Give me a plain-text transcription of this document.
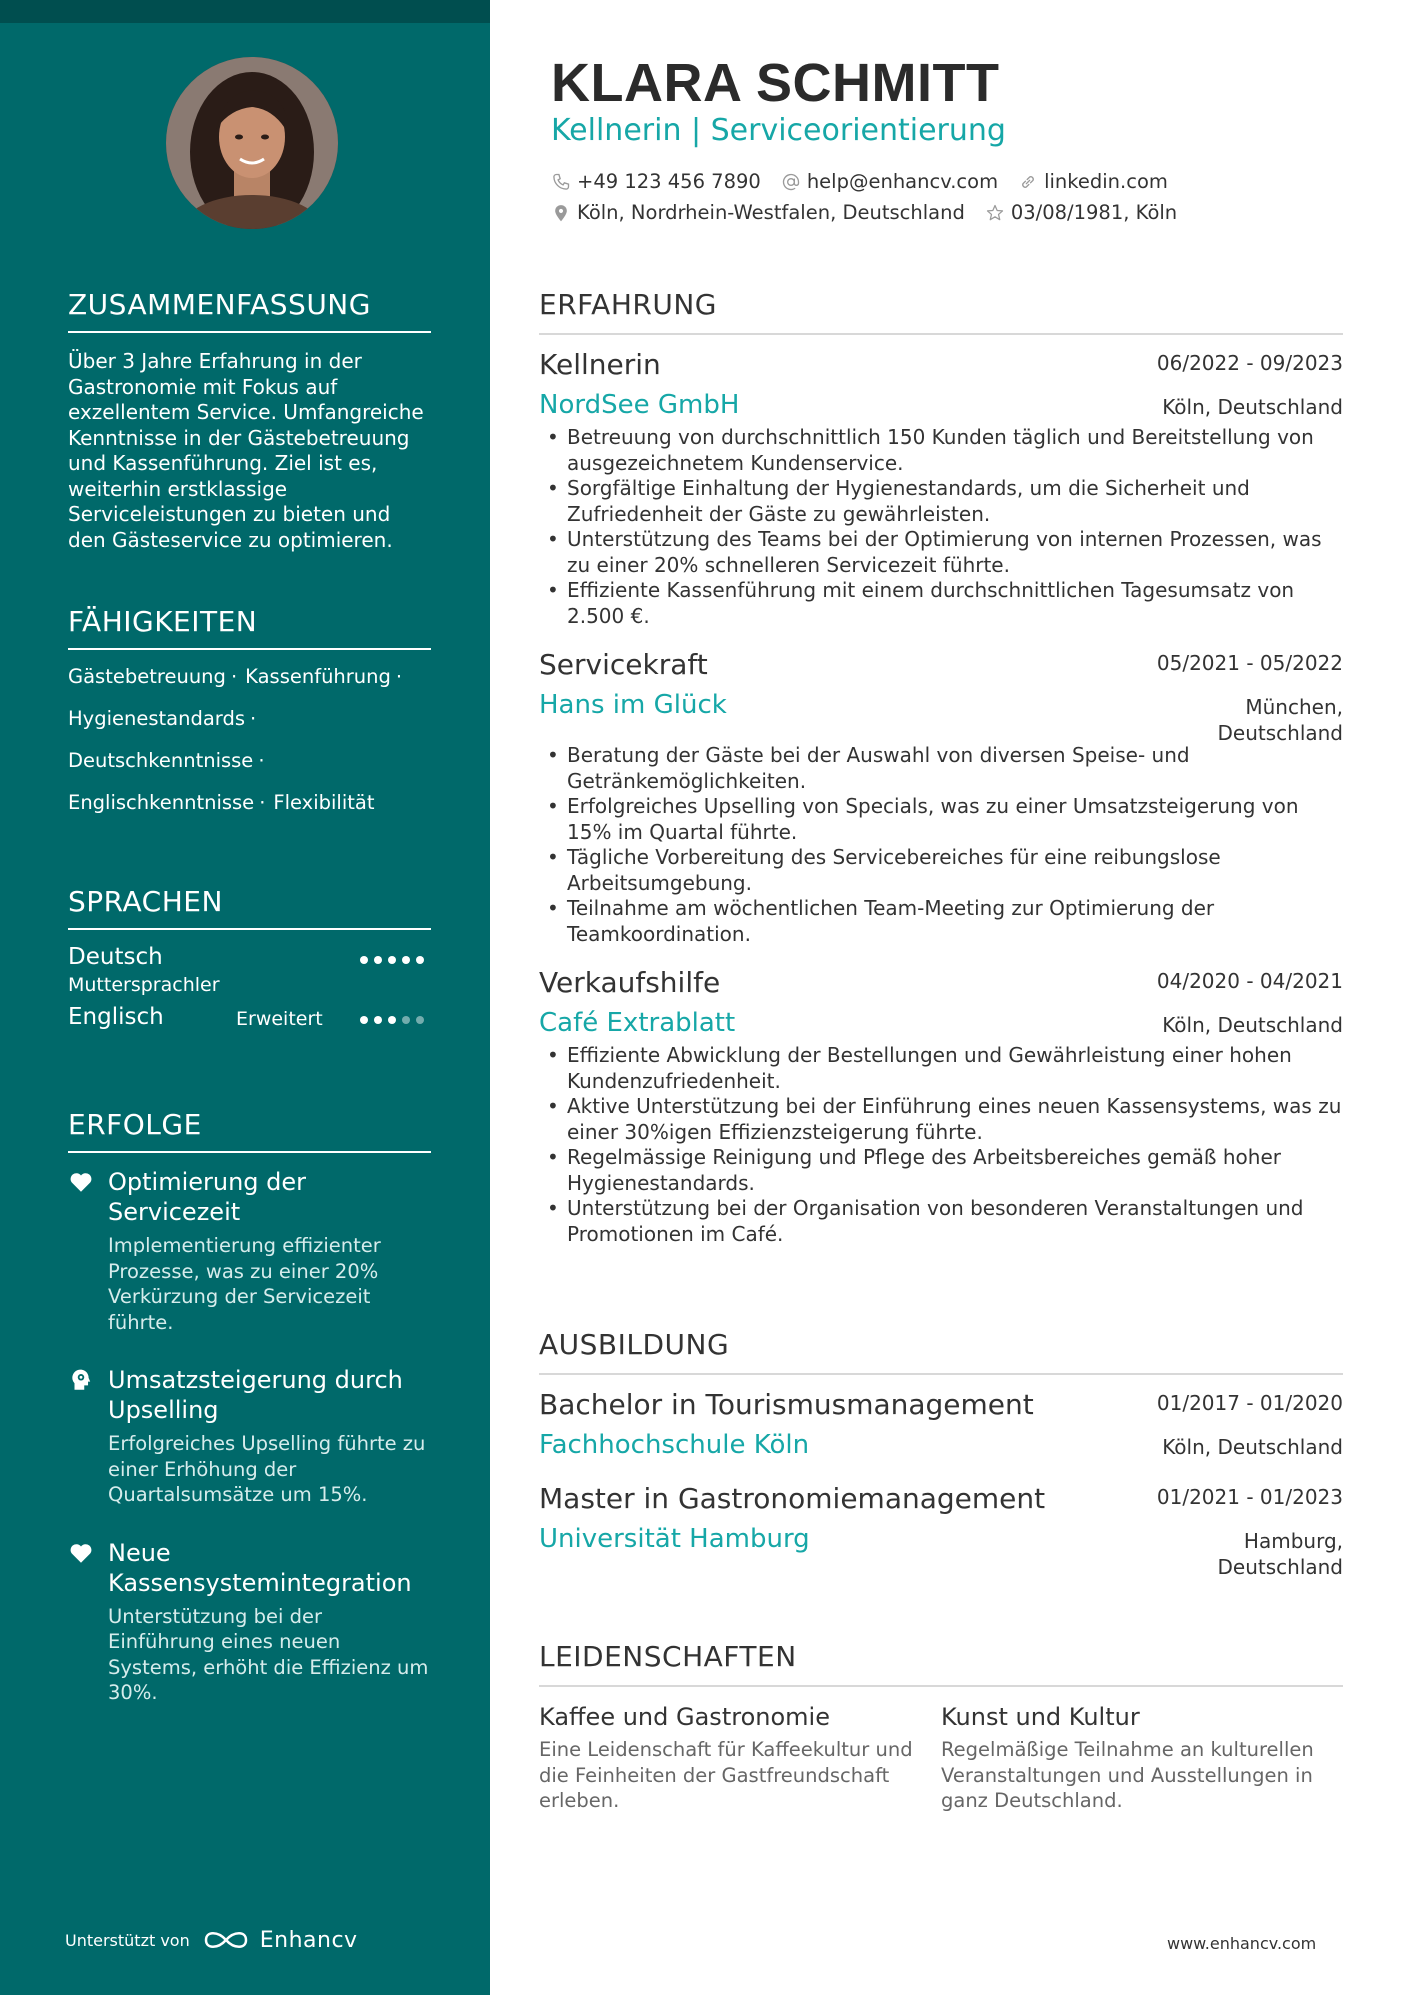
ZUSAMMENFASSUNG
Über 3 Jahre Erfahrung in der Gastronomie mit Fokus auf exzellentem Service. Umfangreiche Kenntnisse in der Gästebetreuung und Kassenführung. Ziel ist es, weiterhin erstklassige Serviceleistungen zu bieten und den Gästeservice zu optimieren.
FÄHIGKEITEN
Gästebetreuung · Kassenführung ·
Hygienestandards ·
Deutschkenntnisse ·
Englischkenntnisse · Flexibilität
SPRACHEN
Deutsch
Muttersprachler
Englisch	Erweitert
ERFOLGE
Optimierung der Servicezeit
Implementierung effizienter Prozesse, was zu einer 20% Verkürzung der Servicezeit führte.
Umsatzsteigerung durch Upselling
Erfolgreiches Upselling führte zu einer Erhöhung der Quartalsumsätze um 15%.
Neue Kassensystemintegration
Unterstützung bei der Einführung eines neuen Systems, erhöht die Effizienz um 30%.
Unterstützt von	Enhancv
KLARA SCHMITT
Kellnerin | Serviceorientierung
+49 123 456 7890 help@enhancv.com linkedin.com
Köln, Nordrhein-Westfalen, Deutschland 03/08/1981, Köln
ERFAHRUNG
Kellnerin	06/2022 - 09/2023
NordSee GmbH	Köln, Deutschland
• Betreuung von durchschnittlich 150 Kunden täglich und Bereitstellung von ausgezeichnetem Kundenservice.
• Sorgfältige Einhaltung der Hygienestandards, um die Sicherheit und Zufriedenheit der Gäste zu gewährleisten.
• Unterstützung des Teams bei der Optimierung von internen Prozessen, was zu einer 20% schnelleren Servicezeit führte.
• Effiziente Kassenführung mit einem durchschnittlichen Tagesumsatz von 2.500 €.
Servicekraft	05/2021 - 05/2022
Hans im Glück	München,
Deutschland
• Beratung der Gäste bei der Auswahl von diversen Speise- und Getränkemöglichkeiten.
• Erfolgreiches Upselling von Specials, was zu einer Umsatzsteigerung von 15% im Quartal führte.
• Tägliche Vorbereitung des Servicebereiches für eine reibungslose Arbeitsumgebung.
• Teilnahme am wöchentlichen Team-Meeting zur Optimierung der Teamkoordination.
Verkaufshilfe	04/2020 - 04/2021
Café Extrablatt	Köln, Deutschland
• Effiziente Abwicklung der Bestellungen und Gewährleistung einer hohen Kundenzufriedenheit.
• Aktive Unterstützung bei der Einführung eines neuen Kassensystems, was zu einer 30%igen Effizienzsteigerung führte.
• Regelmässige Reinigung und Pflege des Arbeitsbereiches gemäß hoher Hygienestandards.
• Unterstützung bei der Organisation von besonderen Veranstaltungen und Promotionen im Café.
AUSBILDUNG
Bachelor in Tourismusmanagement	01/2017 - 01/2020
Fachhochschule Köln	Köln, Deutschland
Master in Gastronomiemanagement	01/2021 - 01/2023
Universität Hamburg	Hamburg,
Deutschland
LEIDENSCHAFTEN
Kaffee und Gastronomie
Eine Leidenschaft für Kaffeekultur und die Feinheiten der Gastfreundschaft erleben.
Kunst und Kultur
Regelmäßige Teilnahme an kulturellen Veranstaltungen und Ausstellungen in ganz Deutschland.
www.enhancv.com
